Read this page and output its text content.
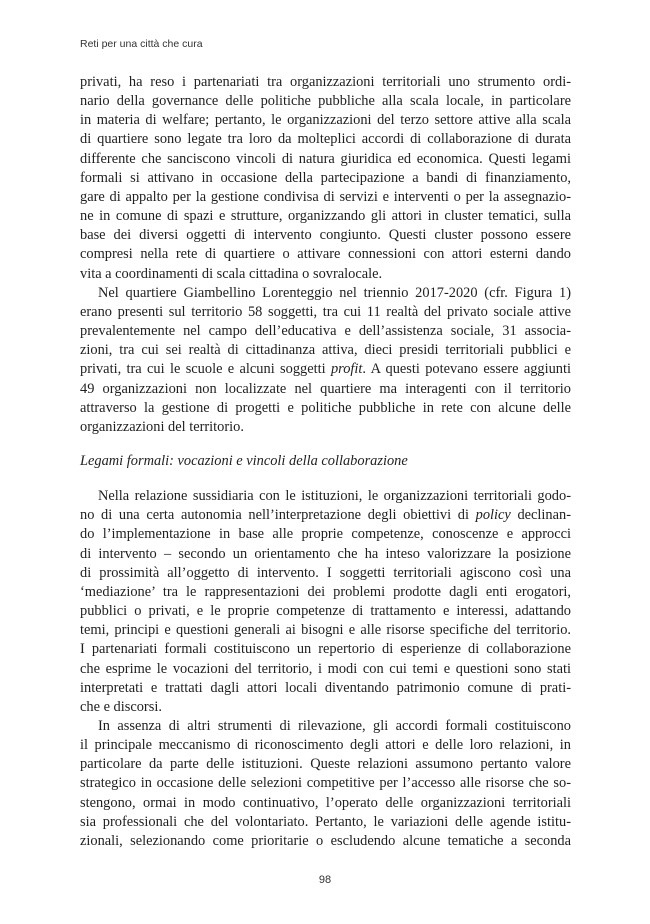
Reti per una città che cura
privati, ha reso i partenariati tra organizzazioni territoriali uno strumento ordi-
nario della governance delle politiche pubbliche alla scala locale, in particolare
in materia di welfare; pertanto, le organizzazioni del terzo settore attive alla scala
di quartiere sono legate tra loro da molteplici accordi di collaborazione di durata
differente che sanciscono vincoli di natura giuridica ed economica. Questi legami
formali si attivano in occasione della partecipazione a bandi di finanziamento,
gare di appalto per la gestione condivisa di servizi e interventi o per la assegnazio-
ne in comune di spazi e strutture, organizzando gli attori in cluster tematici, sulla
base dei diversi oggetti di intervento congiunto. Questi cluster possono essere
compresi nella rete di quartiere o attivare connessioni con attori esterni dando
vita a coordinamenti di scala cittadina o sovralocale.
Nel quartiere Giambellino Lorenteggio nel triennio 2017-2020 (cfr. Figura 1)
erano presenti sul territorio 58 soggetti, tra cui 11 realtà del privato sociale attive
prevalentemente nel campo dell’educativa e dell’assistenza sociale, 31 associa-
zioni, tra cui sei realtà di cittadinanza attiva, dieci presidi territoriali pubblici e
privati, tra cui le scuole e alcuni soggetti profit. A questi potevano essere aggiunti
49 organizzazioni non localizzate nel quartiere ma interagenti con il territorio
attraverso la gestione di progetti e politiche pubbliche in rete con alcune delle
organizzazioni del territorio.
Legami formali: vocazioni e vincoli della collaborazione
Nella relazione sussidiaria con le istituzioni, le organizzazioni territoriali godo-
no di una certa autonomia nell’interpretazione degli obiettivi di policy declinan-
do l’implementazione in base alle proprie competenze, conoscenze e approcci
di intervento – secondo un orientamento che ha inteso valorizzare la posizione
di prossimità all’oggetto di intervento. I soggetti territoriali agiscono così una
‘mediazione’ tra le rappresentazioni dei problemi prodotte dagli enti erogatori,
pubblici o privati, e le proprie competenze di trattamento e interessi, adattando
temi, principi e questioni generali ai bisogni e alle risorse specifiche del territorio.
I partenariati formali costituiscono un repertorio di esperienze di collaborazione
che esprime le vocazioni del territorio, i modi con cui temi e questioni sono stati
interpretati e trattati dagli attori locali diventando patrimonio comune di prati-
che e discorsi.
In assenza di altri strumenti di rilevazione, gli accordi formali costituiscono
il principale meccanismo di riconoscimento degli attori e delle loro relazioni, in
particolare da parte delle istituzioni. Queste relazioni assumono pertanto valore
strategico in occasione delle selezioni competitive per l’accesso alle risorse che so-
stengono, ormai in modo continuativo, l’operato delle organizzazioni territoriali
sia professionali che del volontariato. Pertanto, le variazioni delle agende istitu-
zionali, selezionando come prioritarie o escludendo alcune tematiche a seconda
98
